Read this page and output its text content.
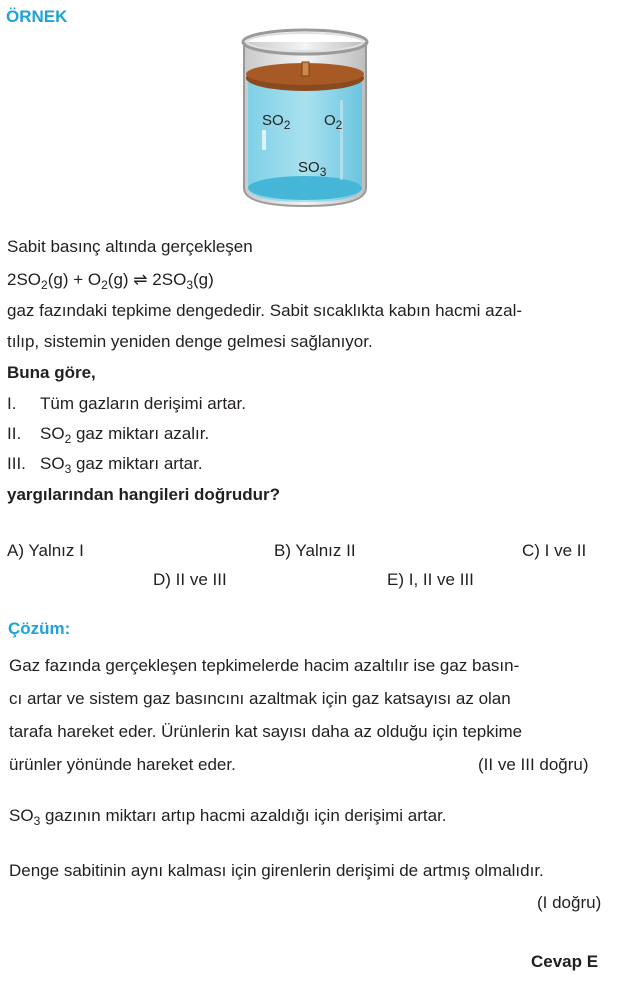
ÖRNEK
$SO_2$ $O_2$
$SO_3$
Sabit basınç altında gerçekleşen
$2SO_2(g) + O_2(g)$ ⇌ $2SO_3(g)$
gaz fazındaki tepkime dengededir. Sabit sıcaklıkta kabın hacmi azal-
tılıp, sistemin yeniden denge gelmesi sağlanıyor.
Buna göre,
I. Tüm gazların derişimi artar.
II. $SO_2$ gaz miktarı azalır.
III. $SO_3$ gaz miktarı artar.
yargılarından hangileri doğrudur?
A) Yalnız I	B) Yalnız II	C) I ve II
D) II ve III	E) I, II ve III
Çözüm:
Gaz fazında gerçekleşen tepkimelerde hacim azaltılır ise gaz basın-
cı artar ve sistem gaz basıncını azaltmak için gaz katsayısı az olan
tarafa hareket eder. Ürünlerin kat sayısı daha az olduğu için tepkime
ürünler yönünde hareket eder.	(II ve III doğru)
$SO_3$ gazının miktarı artıp hacmi azaldığı için derişimi artar.
Denge sabitinin aynı kalması için girenlerin derişimi de artmış olmalıdır.
(I doğru)
Cevap E
